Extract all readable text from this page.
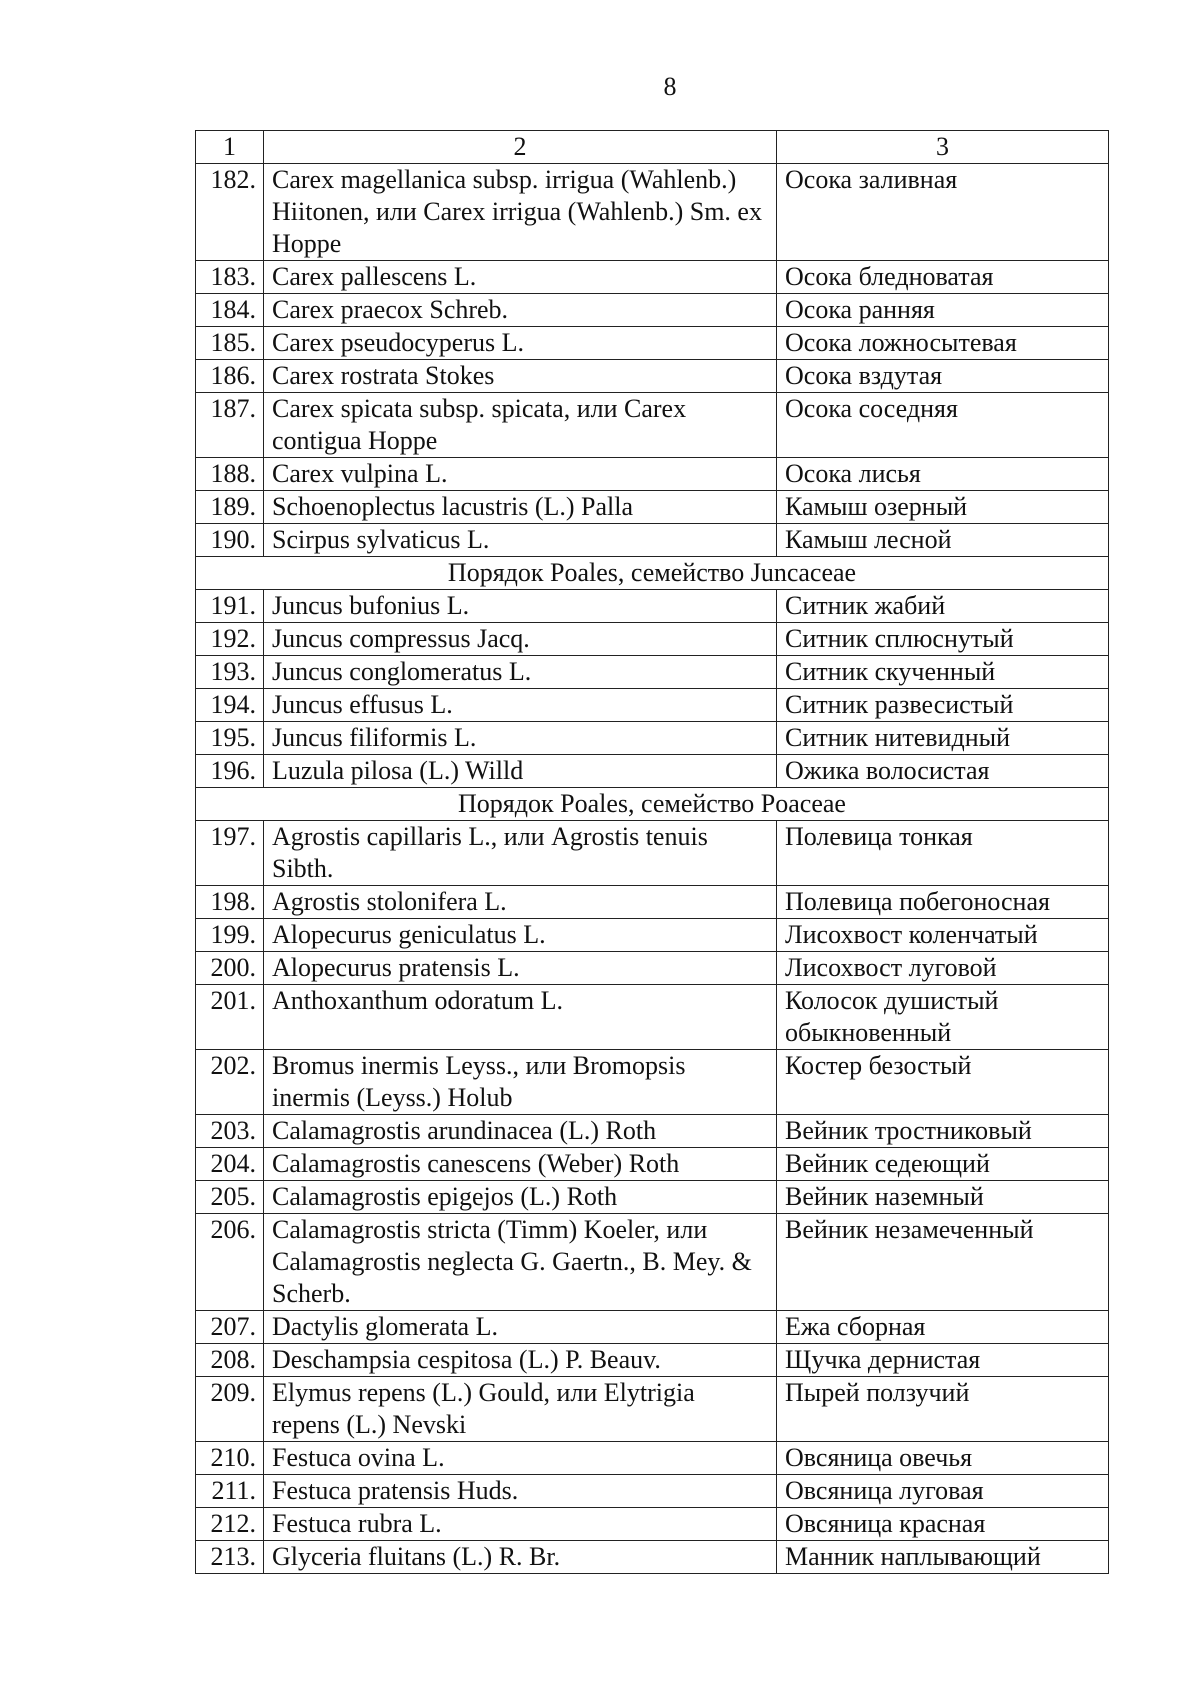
8
1	2	3
182.	Carex magellanica subsp. irrigua (Wahlenb.) Hiitonen, или Carex irrigua (Wahlenb.) Sm. ex Hoppe	Осока заливная
183.	Carex pallescens L.	Осока бледноватая
184.	Carex praecox Schreb.	Осока ранняя
185.	Carex pseudocyperus L.	Осока ложносытевая
186.	Carex rostrata Stokes	Осока вздутая
187.	Carex spicata subsp. spicata, или Carex contigua Hoppe	Осока соседняя
188.	Carex vulpina L.	Осока лисья
189.	Schoenoplectus lacustris (L.) Palla	Камыш озерный
190.	Scirpus sylvaticus L.	Камыш лесной
Порядок Poales, семейство Juncaceae		
191.	Juncus bufonius L.	Ситник жабий
192.	Juncus compressus Jacq.	Ситник сплюснутый
193.	Juncus conglomeratus L.	Ситник скученный
194.	Juncus effusus L.	Ситник развесистый
195.	Juncus filiformis L.	Ситник нитевидный
196.	Luzula pilosa (L.) Willd	Ожика волосистая
Порядок Poales, семейство Poaceae		
197.	Agrostis capillaris L., или Agrostis tenuis Sibth.	Полевица тонкая
198.	Agrostis stolonifera L.	Полевица побегоносная
199.	Alopecurus geniculatus L.	Лисохвост коленчатый
200.	Alopecurus pratensis L.	Лисохвост луговой
201.	Anthoxanthum odoratum L.	Колосок душистый обыкновенный
202.	Bromus inermis Leyss., или Bromopsis inermis (Leyss.) Holub	Костер безостый
203.	Calamagrostis arundinacea (L.) Roth	Вейник тростниковый
204.	Calamagrostis canescens (Weber) Roth	Вейник седеющий
205.	Calamagrostis epigejos (L.) Roth	Вейник наземный
206.	Calamagrostis stricta (Timm) Koeler, или Calamagrostis neglecta G. Gaertn., B. Mey. & Scherb.	Вейник незамеченный
207.	Dactylis glomerata L.	Ежа сборная
208.	Deschampsia cespitosa (L.) P. Beauv.	Щучка дернистая
209.	Elymus repens (L.) Gould, или Elytrigia repens (L.) Nevski	Пырей ползучий
210.	Festuca ovina L.	Овсяница овечья
211.	Festuca pratensis Huds.	Овсяница луговая
212.	Festuca rubra L.	Овсяница красная
213.	Glyceria fluitans (L.) R. Br.	Манник наплывающий
